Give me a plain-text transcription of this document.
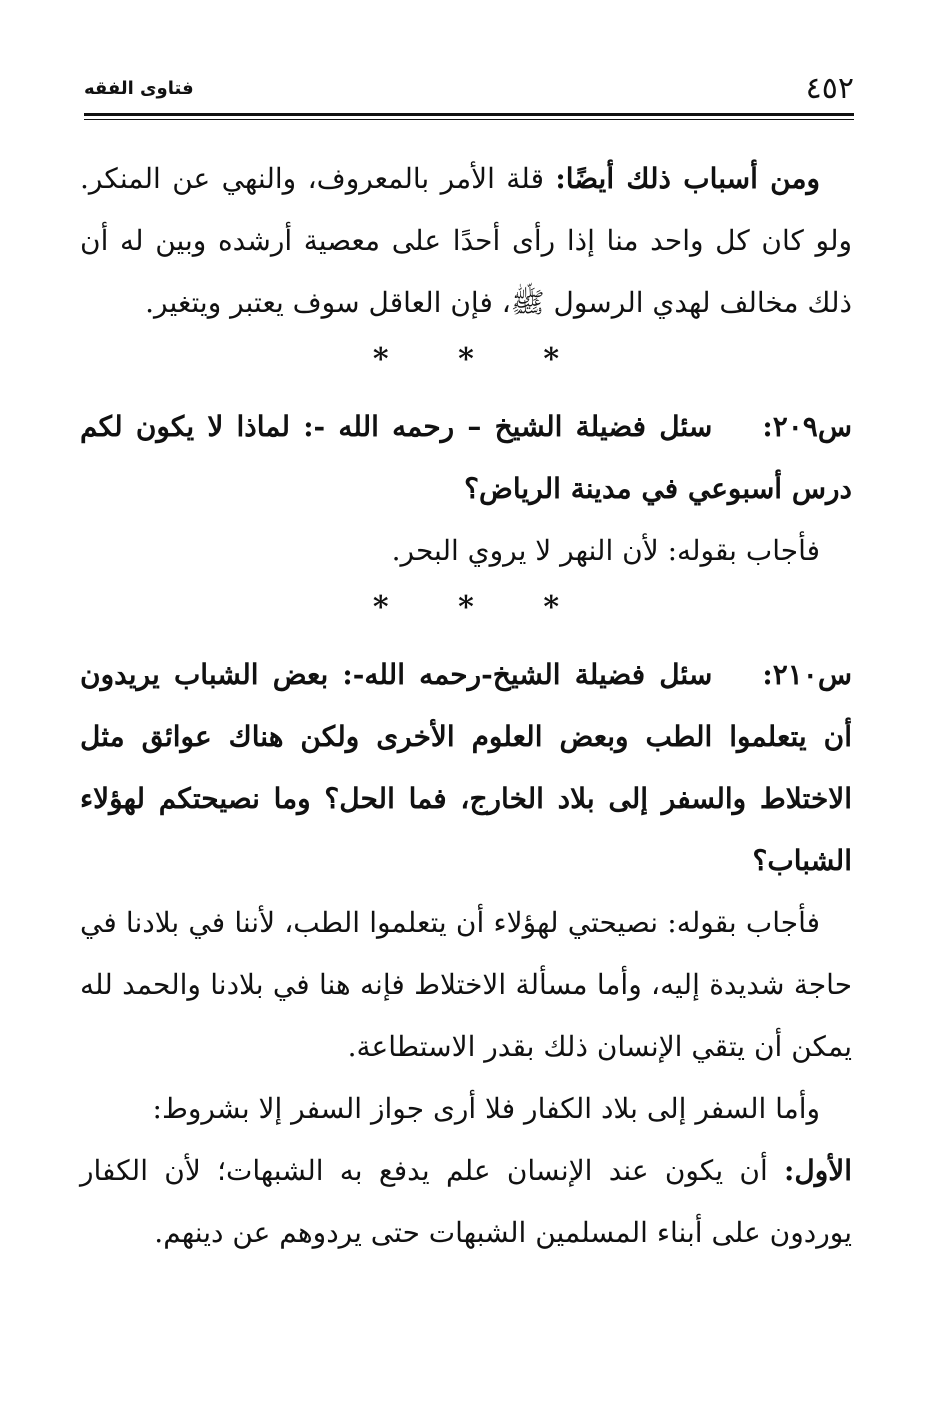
٤٥٢
فتاوى الفقه

ومن أسباب ذلك أيضًا: قلة الأمر بالمعروف، والنهي عن المنكر. ولو كان كل واحد منا إذا رأى أحدًا على معصية أرشده وبين له أن ذلك مخالف لهدي الرسول ﷺ، فإن العاقل سوف يعتبر ويتغير.

* * *

س٢٠٩:سئل فضيلة الشيخ – رحمه الله -: لماذا لا يكون لكم درس أسبوعي في مدينة الرياض؟

فأجاب بقوله: لأن النهر لا يروي البحر.

* * *

س٢١٠:سئل فضيلة الشيخ-رحمه الله-: بعض الشباب يريدون أن يتعلموا الطب وبعض العلوم الأخرى ولكن هناك عوائق مثل الاختلاط والسفر إلى بلاد الخارج، فما الحل؟ وما نصيحتكم لهؤلاء الشباب؟

فأجاب بقوله: نصيحتي لهؤلاء أن يتعلموا الطب، لأننا في بلادنا في حاجة شديدة إليه، وأما مسألة الاختلاط فإنه هنا في بلادنا والحمد لله يمكن أن يتقي الإنسان ذلك بقدر الاستطاعة.

وأما السفر إلى بلاد الكفار فلا أرى جواز السفر إلا بشروط:

الأول: أن يكون عند الإنسان علم يدفع به الشبهات؛ لأن الكفار يوردون على أبناء المسلمين الشبهات حتى يردوهم عن دينهم.
